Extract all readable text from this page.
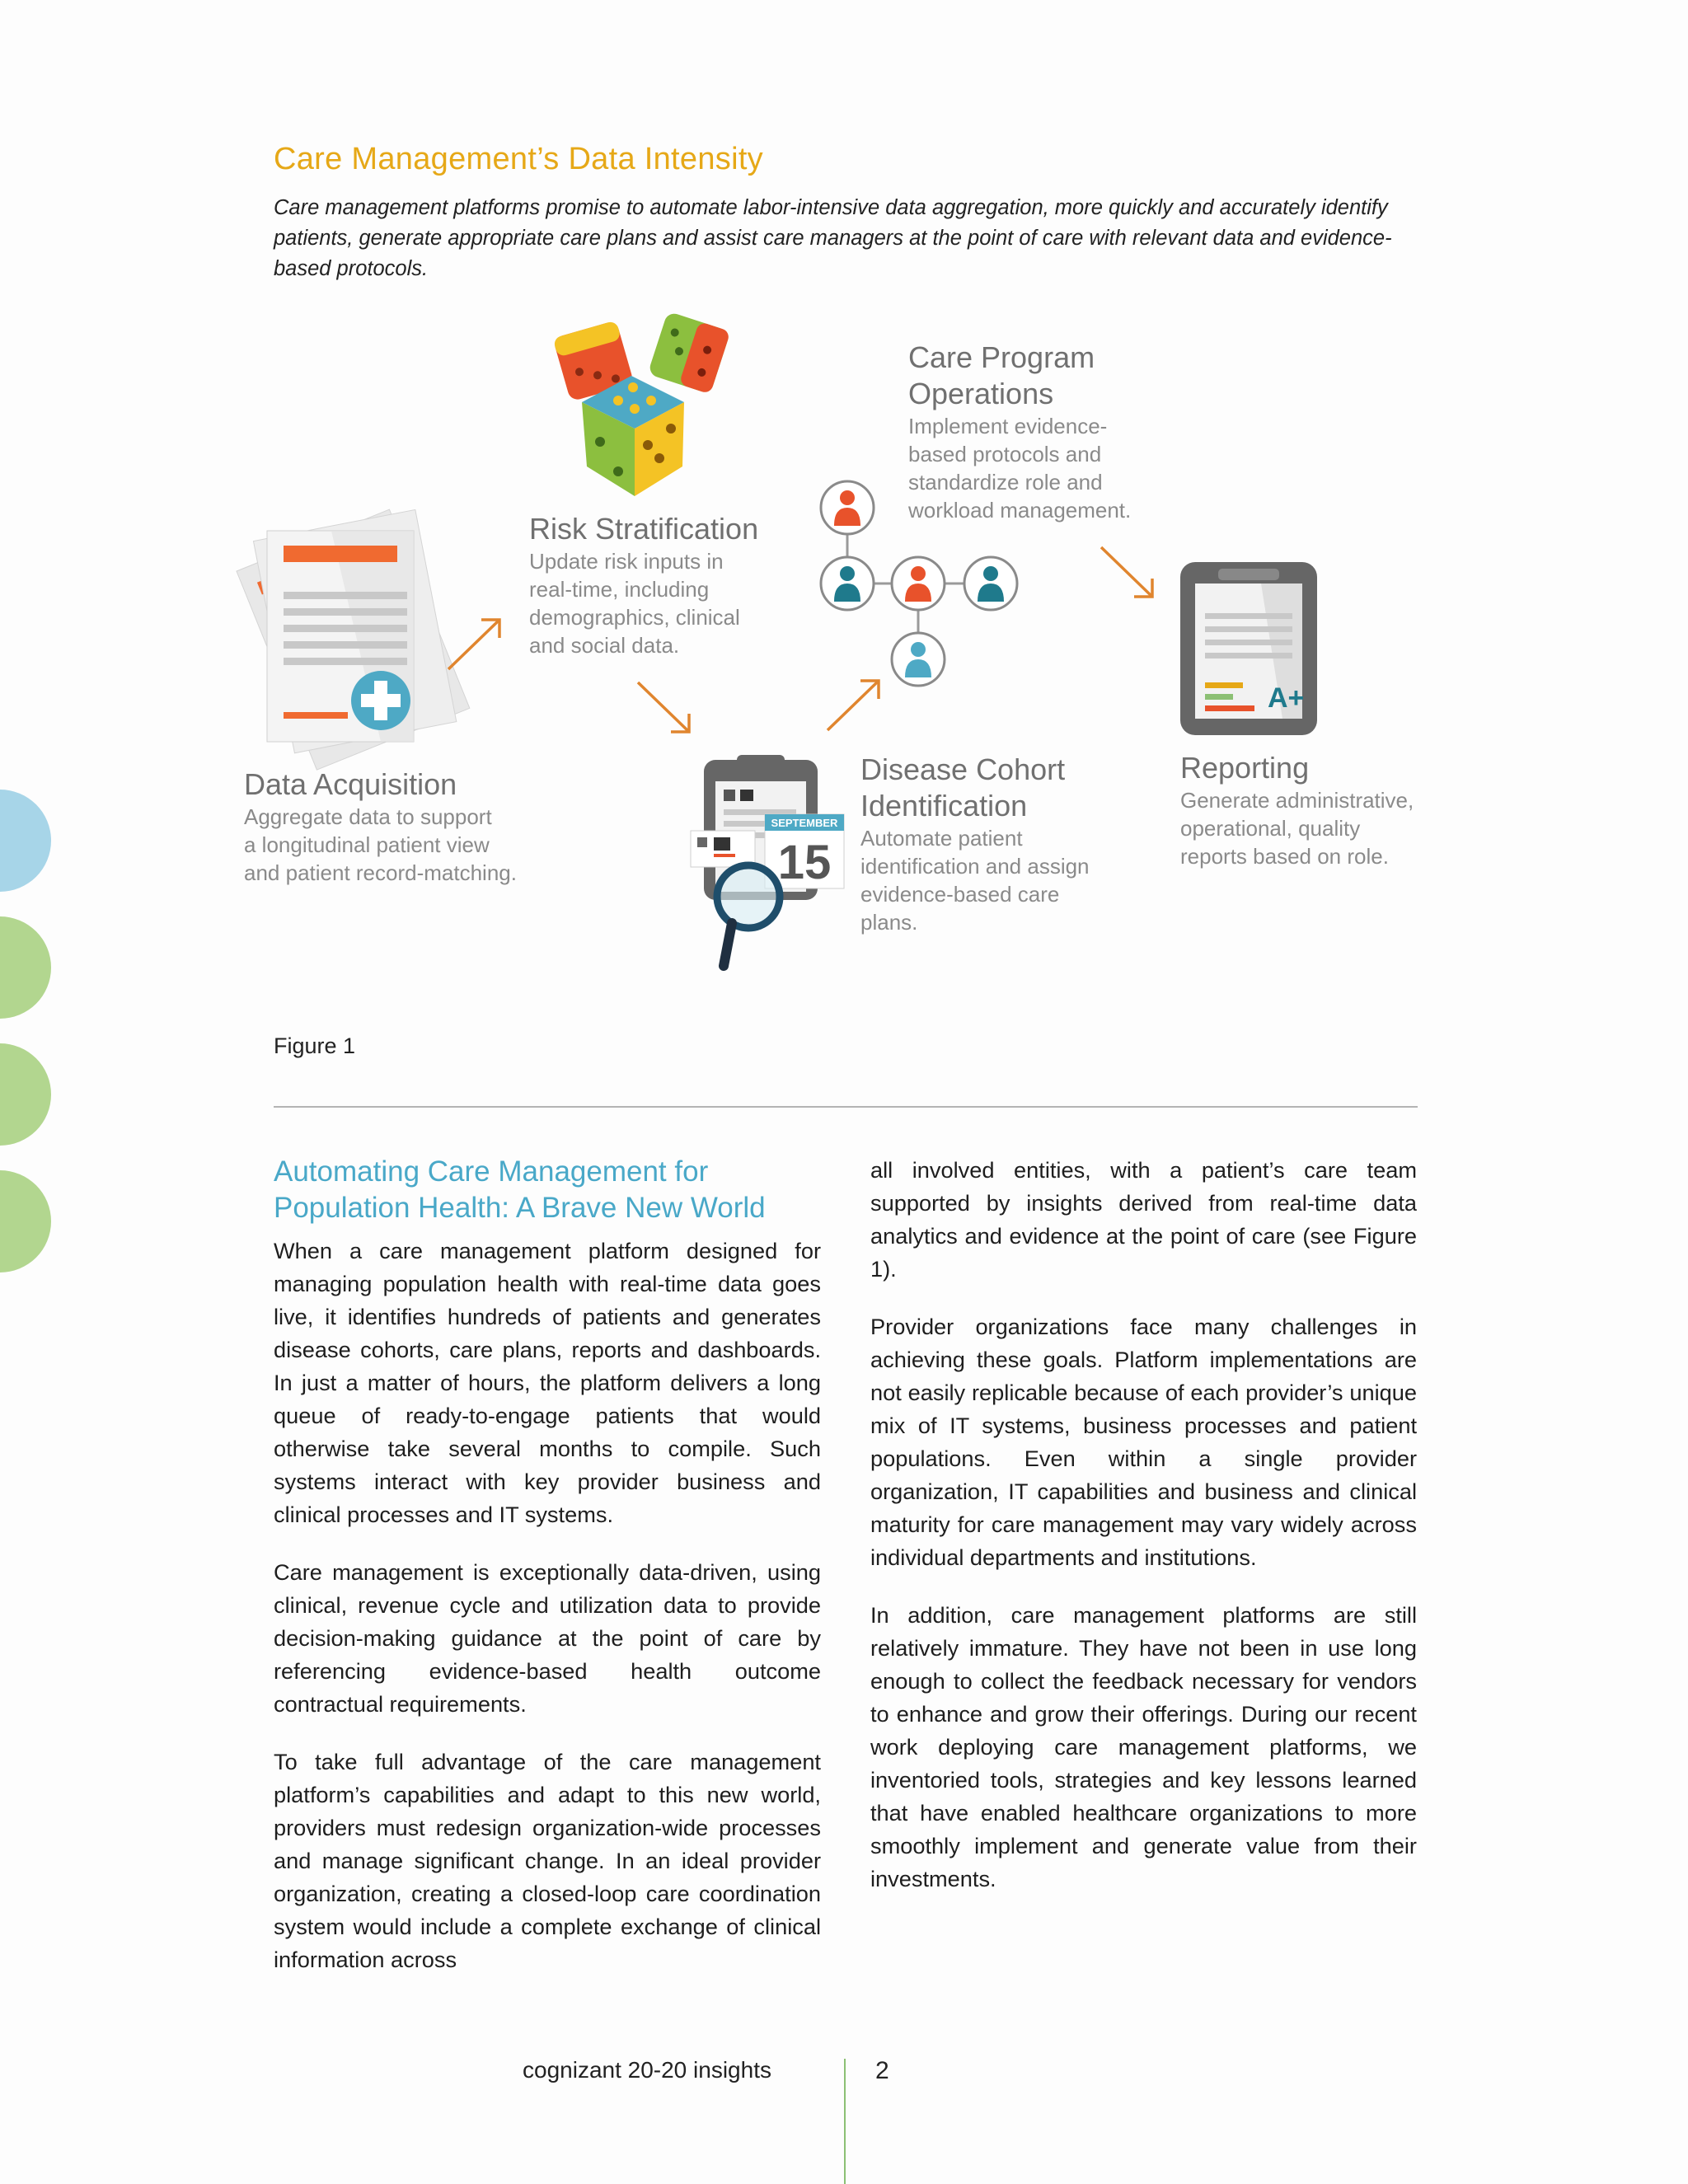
Care Management’s Data Intensity
Care management platforms promise to automate labor-intensive data aggregation, more quickly and accurately identify patients, generate appropriate care plans and assist care managers at the point of care with relevant data and evidence-based protocols.
SEPTEMBER
15
A+
Data Acquisition
Aggregate data to support
a longitudinal patient view
and patient record-matching.
Risk Stratification
Update risk inputs in
real-time, including
demographics, clinical
and social data.
Care Program
Operations
Implement evidence-
based protocols and
standardize role and
workload management.
Disease Cohort
Identification
Automate patient
identification and assign
evidence-based care
plans.
Reporting
Generate administrative,
operational, quality
reports based on role.
Figure 1
Automating Care Management for Population Health: A Brave New World

When a care management platform designed for managing population health with real-time data goes live, it identifies hundreds of patients and generates disease cohorts, care plans, reports and dashboards. In just a matter of hours, the platform delivers a long queue of ready-to-engage patients that would otherwise take several months to compile. Such systems interact with key provider business and clinical processes and IT systems.

Care management is exceptionally data-driven, using clinical, revenue cycle and utilization data to provide decision-making guidance at the point of care by referencing evidence-based health outcome contractual requirements.

To take full advantage of the care management platform’s capabilities and adapt to this new world, providers must redesign organization-wide processes and manage significant change. In an ideal provider organization, creating a closed-loop care coordination system would include a complete exchange of clinical information across

all involved entities, with a patient’s care team supported by insights derived from real-time data analytics and evidence at the point of care (see Figure 1).

Provider organizations face many challenges in achieving these goals. Platform implementations are not easily replicable because of each provider’s unique mix of IT systems, business processes and patient populations. Even within a single provider organization, IT capabilities and business and clinical maturity for care management may vary widely across individual departments and institutions.

In addition, care management platforms are still relatively immature. They have not been in use long enough to collect the feedback necessary for vendors to enhance and grow their offerings. During our recent work deploying care management platforms, we inventoried tools, strategies and key lessons learned that have enabled healthcare organizations to more smoothly implement and generate value from their investments.

cognizant 20-20 insights	2
